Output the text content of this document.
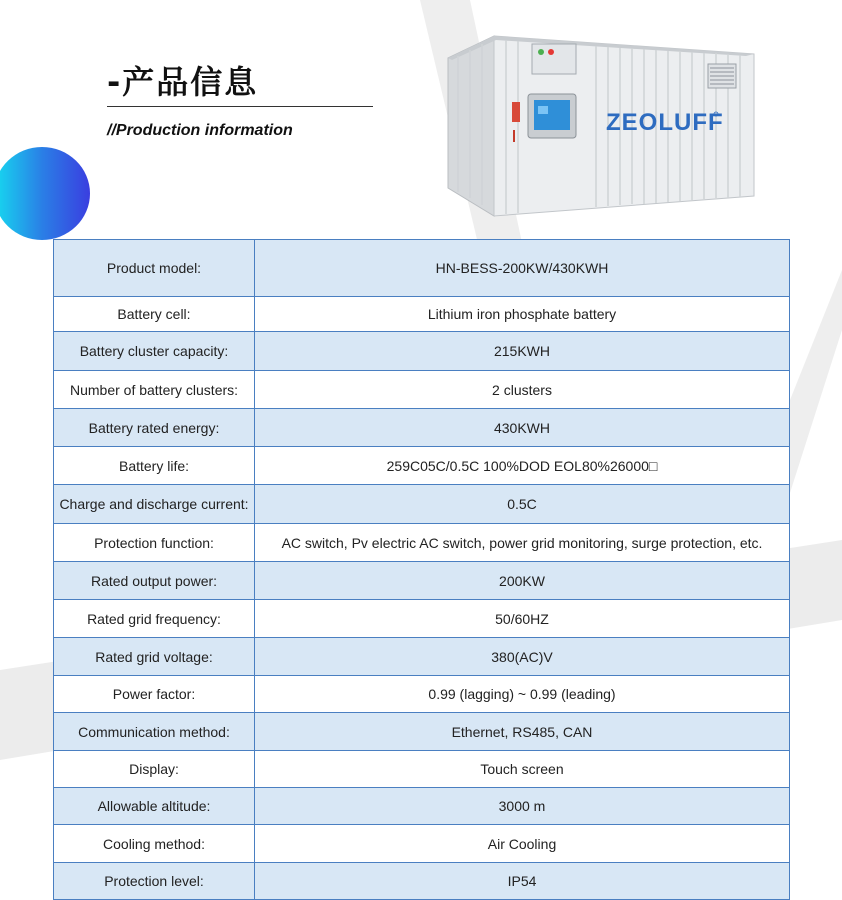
-产品信息
//Production information	ZEOLUFF
Product model:	HN-BESS-200KW/430KWH
Battery cell:	Lithium iron phosphate battery
Battery cluster capacity:	215KWH
Number of battery clusters:	2 clusters
Battery rated energy:	430KWH
Battery life:	259C05C/0.5C 100%DOD EOL80%26000□
Charge and discharge current:	0.5C
Protection function:	AC switch, Pv electric AC switch, power grid monitoring, surge protection, etc.
Rated output power:	200KW
Rated grid frequency:	50/60HZ
Rated grid voltage:	380(AC)V
Power factor:	0.99 (lagging) ~ 0.99 (leading)
Communication method:	Ethernet, RS485, CAN
Display:	Touch screen
Allowable altitude:	3000 m
Cooling method:	Air Cooling
Protection level:	IP54
